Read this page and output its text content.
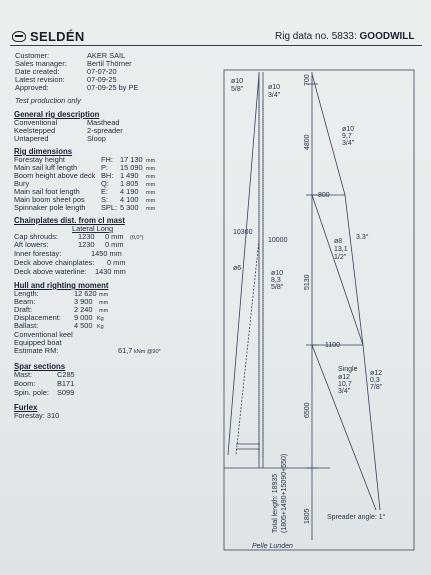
SELDÉN	Rig data no. 5833: GOODWILL
Customer:	AKER SAIL
Sales manager:	Bertil Thörner
Date created:	07-07-20
Latest revision:	07-09-25
Approved:	07-09-25 by PE
Test production only
General rig description
Conventional	Masthead
Keelstepped	2-spreader
Untapered	Sloop
Rig dimensions
Forestay height	FH: 17 130 mm
Main sail luff length	P: 15 090 mm
Boom height above deck BH: 1 490 mm
Bury	Q: 1 805 mm
Main sail foot length	E: 4 190 mm
Main boom sheet pos S: 4 100 mm
Spinnaker pole length SPL: 5 300 mm
Chainplates dist. from cl mast
Lateral Long
Cap shrouds:	1230 0 mm (0,0°)
Aft lowers:	1230 0 mm
Inner forestay:	1450 mm
Deck above chainplates: 0 mm
Deck above waterline: 1430 mm
Hull and righting moment
Length:	12 620 mm
Beam:	3 900 mm
Draft:	2 240 mm
Displacement: 9 000 Kg
Ballast:	4 500 Kg
Conventional keel
Equipped boat
Estimate RM:	61,7 kNm @90°
Spar sections
Mast:	C285
Boom:	B171
Spin. pole: S099
Furlex
Forestay: 310
ø10
5/8"	ø10
3/4"
ø10
9,7
3/4"
800
ø8
13,1
1/2"
3.3°
10300
10000
ø6
ø10
8,3
5/8"
1100
Single
ø12
10,7
3/4"
ø12
0,3
7/8"
Spreader angle: 1°
Pelle Lunden
700
4800
5130
6500
1805
Total length: 18935 (1805+1490+15090+550)
